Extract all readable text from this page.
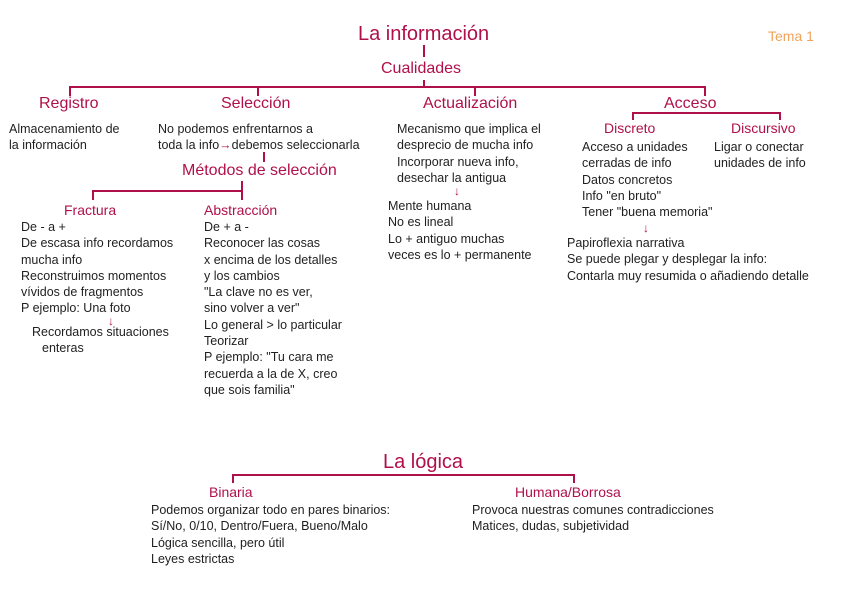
Tema 1
La información
Cualidades
Registro
Almacenamiento de
la información
Selección
No podemos enfrentarnos a
toda la info→debemos seleccionarla
Métodos de selección
Fractura
De - a +
De escasa info recordamos
mucha info
Reconstruimos momentos
vívidos de fragmentos
P ejemplo: Una foto
↓
Recordamos situaciones
enteras
Abstracción
De + a -
Reconocer las cosas
x encima de los detalles
y los cambios
"La clave no es ver,
sino volver a ver"
Lo general > lo particular
Teorizar
P ejemplo: "Tu cara me
recuerda a la de X, creo
que sois familia"
Actualización
Mecanismo que implica el
desprecio de mucha info
Incorporar nueva info,
desechar la antigua
↓
Mente humana
No es lineal
Lo + antiguo muchas
veces es lo + permanente
Acceso
Discreto
Acceso a unidades
cerradas de info
Datos concretos
Info "en bruto"
Tener "buena memoria"
Discursivo
Ligar o conectar
unidades de info
↓
Papiroflexia narrativa
Se puede plegar y desplegar la info:
Contarla muy resumida o añadiendo detalle
La lógica
Binaria
Podemos organizar todo en pares binarios:
Sí/No, 0/10, Dentro/Fuera, Bueno/Malo
Lógica sencilla, pero útil
Leyes estrictas
Humana/Borrosa
Provoca nuestras comunes contradicciones
Matices, dudas, subjetividad
